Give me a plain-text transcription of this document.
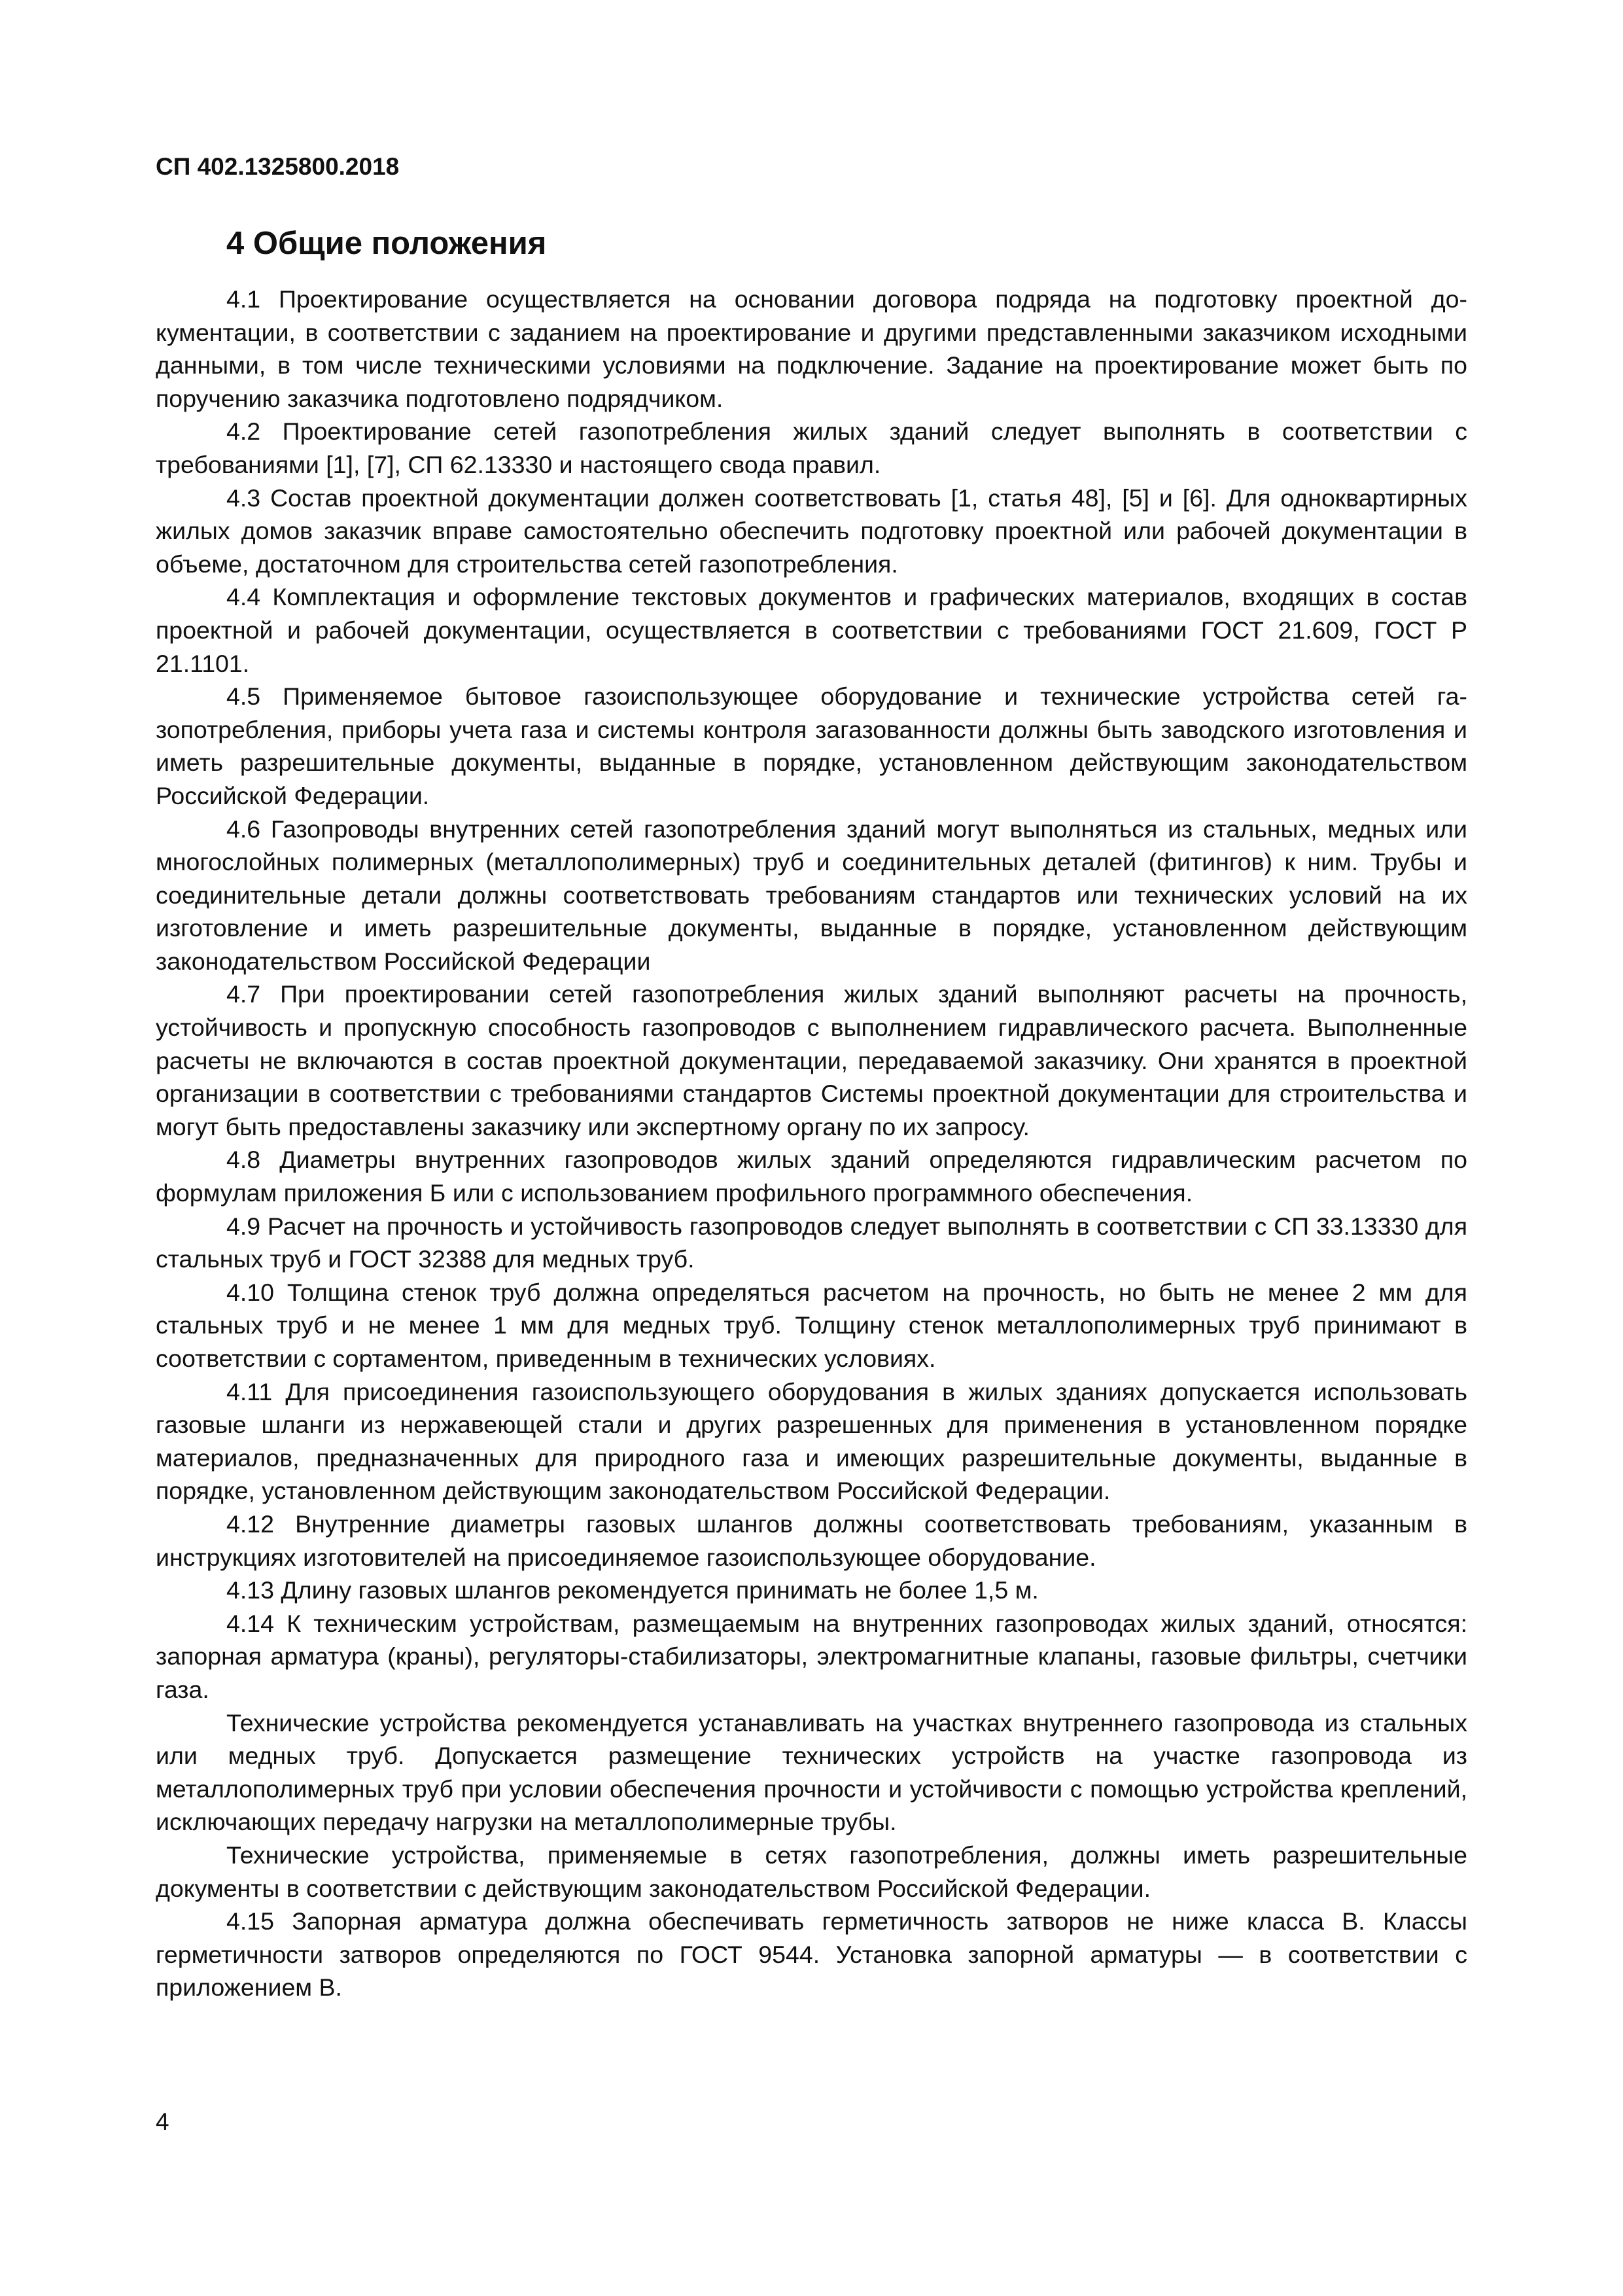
СП 402.1325800.2018
4 Общие положения

4.1 Проектирование осуществляется на основании договора подряда на подготовку проектной документации, в соответствии с заданием на проектирование и другими представленными заказчиком исходными данными, в том числе техническими условиями на подключение. Задание на проектирование может быть по поручению заказчика подготовлено подрядчиком.

4.2 Проектирование сетей газопотребления жилых зданий следует выполнять в соответствии с требованиями [1], [7], СП 62.13330 и настоящего свода правил.

4.3 Состав проектной документации должен соответствовать [1, статья 48], [5] и [6]. Для одноквартирных жилых домов заказчик вправе самостоятельно обеспечить подготовку проектной или рабочей документации в объеме, достаточном для строительства сетей газопотребления.

4.4 Комплектация и оформление текстовых документов и графических материалов, входящих в состав проектной и рабочей документации, осуществляется в соответствии с требованиями ГОСТ 21.609, ГОСТ Р 21.1101.

4.5 Применяемое бытовое газоиспользующее оборудование и технические устройства сетей газопотребления, приборы учета газа и системы контроля загазованности должны быть заводского изготовления и иметь разрешительные документы, выданные в порядке, установленном действующим законодательством Российской Федерации.

4.6 Газопроводы внутренних сетей газопотребления зданий могут выполняться из стальных, медных или многослойных полимерных (металлополимерных) труб и соединительных деталей (фитингов) к ним. Трубы и соединительные детали должны соответствовать требованиям стандартов или технических условий на их изготовление и иметь разрешительные документы, выданные в порядке, установленном действующим законодательством Российской Федерации

4.7 При проектировании сетей газопотребления жилых зданий выполняют расчеты на прочность, устойчивость и пропускную способность газопроводов с выполнением гидравлического расчета. Выполненные расчеты не включаются в состав проектной документации, передаваемой заказчику. Они хранятся в проектной организации в соответствии с требованиями стандартов Системы проектной документации для строительства и могут быть предоставлены заказчику или экспертному органу по их запросу.

4.8 Диаметры внутренних газопроводов жилых зданий определяются гидравлическим расчетом по формулам приложения Б или с использованием профильного программного обеспечения.

4.9 Расчет на прочность и устойчивость газопроводов следует выполнять в соответствии с СП 33.13330 для стальных труб и ГОСТ 32388 для медных труб.

4.10 Толщина стенок труб должна определяться расчетом на прочность, но быть не менее 2 мм для стальных труб и не менее 1 мм для медных труб. Толщину стенок металлополимерных труб принимают в соответствии с сортаментом, приведенным в технических условиях.

4.11 Для присоединения газоиспользующего оборудования в жилых зданиях допускается использовать газовые шланги из нержавеющей стали и других разрешенных для применения в установленном порядке материалов, предназначенных для природного газа и имеющих разрешительные документы, выданные в порядке, установленном действующим законодательством Российской Федерации.

4.12 Внутренние диаметры газовых шлангов должны соответствовать требованиям, указанным в инструкциях изготовителей на присоединяемое газоиспользующее оборудование.

4.13 Длину газовых шлангов рекомендуется принимать не более 1,5 м.

4.14 К техническим устройствам, размещаемым на внутренних газопроводах жилых зданий, относятся: запорная арматура (краны), регуляторы-стабилизаторы, электромагнитные клапаны, газовые фильтры, счетчики газа.

Технические устройства рекомендуется устанавливать на участках внутреннего газопровода из стальных или медных труб. Допускается размещение технических устройств на участке газопровода из металлополимерных труб при условии обеспечения прочности и устойчивости с помощью устройства креплений, исключающих передачу нагрузки на металлополимерные трубы.

Технические устройства, применяемые в сетях газопотребления, должны иметь разрешительные документы в соответствии с действующим законодательством Российской Федерации.

4.15 Запорная арматура должна обеспечивать герметичность затворов не ниже класса В. Классы герметичности затворов определяются по ГОСТ 9544. Установка запорной арматуры — в соответствии с приложением В.

4
